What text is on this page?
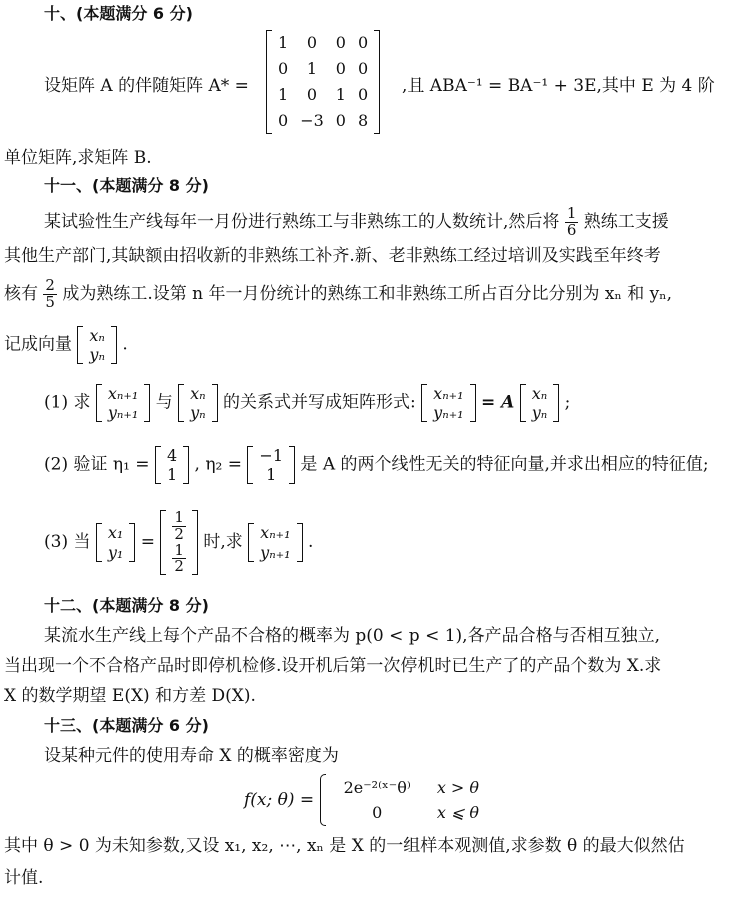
十、(本题满分 6 分)
设矩阵 A 的伴随矩阵 A* =
1	0	0	0
0	1	0	0
1	0	1	0
0	−3	0	8
,且 ABA⁻¹ = BA⁻¹ + 3E,其中 E 为 4 阶
单位矩阵,求矩阵 B.
十一、(本题满分 8 分)
某试验性生产线每年一月份进行熟练工与非熟练工的人数统计,然后将 $\frac{1}{6}$ 熟练工支援
其他生产部门,其缺额由招收新的非熟练工补齐.新、老非熟练工经过培训及实践至年终考
核有 $\frac{2}{5}$ 成为熟练工.设第 n 年一月份统计的熟练工和非熟练工所占百分比分别为 xₙ 和 yₙ,
记成向量 xₙ
yₙ .
(1) 求 xₙ₊₁
yₙ₊₁ 与 xₙ
yₙ 的关系式并写成矩阵形式: xₙ₊₁
yₙ₊₁ = A xₙ
yₙ ;
(2) 验证 η₁ = 4
1 , η₂ = −1
1 是 A 的两个线性无关的特征向量,并求出相应的特征值;
(3) 当 x₁
$y_1 = \frac{1}{2}$

$\frac{1}{2}$
时,求 xₙ₊₁
yₙ₊₁ .
十二、(本题满分 8 分)
某流水生产线上每个产品不合格的概率为 p(0 < p < 1),各产品合格与否相互独立,
当出现一个不合格产品时即停机检修.设开机后第一次停机时已生产了的产品个数为 X.求
X 的数学期望 E(X) 和方差 D(X).
十三、(本题满分 6 分)
设某种元件的使用寿命 X 的概率密度为
f(x; θ) =
2e⁻²⁽ˣ⁻θ⁾	x > θ
0	x ⩽ θ
其中 θ > 0 为未知参数,又设 x₁, x₂, ⋯, xₙ 是 X 的一组样本观测值,求参数 θ 的最大似然估
计值.
